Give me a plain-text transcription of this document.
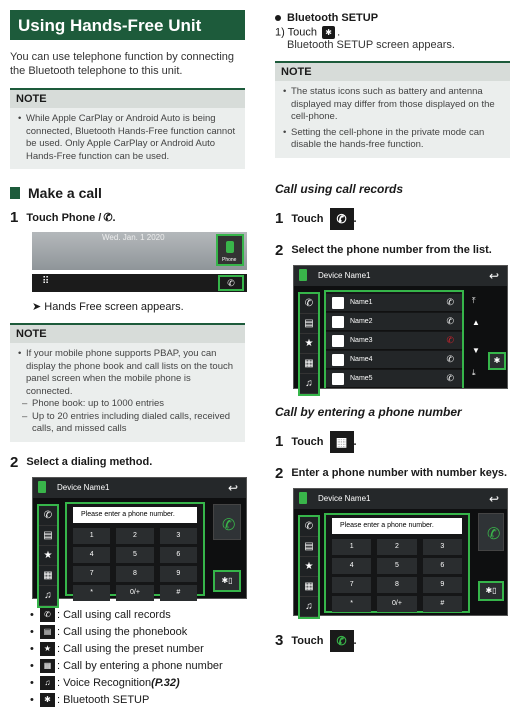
Using Hands-Free Unit
You can use telephone function by connecting the Bluetooth telephone to this unit.
NOTE
• While Apple CarPlay or Android Auto is being connected, Bluetooth Hands-Free function cannot be used. Only Apple CarPlay or Android Auto Hands-Free function can be used.
Make a call
1 Touch
Phone / ✆ .
Wed. Jan. 1 2020
Phone
⠿	✆
➤ Hands Free screen appears.
NOTE
• If your mobile phone supports PBAP, you can display the phone book and call lists on the touch panel screen when the mobile phone is connected.
– Phone book: up to 1000 entries
– Up to 20 entries including dialed calls, received calls, and missed calls
2 Select a dialing method.
Device Name1	↩
✆
▤
★
▦
♫
Please enter a phone number.
1	2	3
4	5	6
7	8	9
*	0/+	#
✆
✱▯
• ✆ : Call using call records
• ▤ : Call using the phonebook
• ★ : Call using the preset number
• ▦ : Call by entering a phone number
• ♫ : Voice Recognition (P.32)
• ✱ : Bluetooth SETUP
Bluetooth SETUP
1) Touch ✱ .
Bluetooth SETUP screen appears.
NOTE
• The status icons such as battery and antenna displayed may differ from those displayed on the cell-phone.
• Setting the cell-phone in the private mode can disable the hands-free function.
Call using call records
1 Touch	✆ .
2 Select the phone number from the list.
Device Name1	↩
✆
▤
★
▦
♫
Name1	✆
Name2	✆
Name3	✆
Name4	✆
Name5	✆
⤒
▲
▼
⤓
✱
Call by entering a phone number
1 Touch	▦ .
2 Enter a phone number with number keys.
Device Name1	↩
✆
▤
★
▦
♫
Please enter a phone number.
1	2	3
4	5	6
7	8	9
*	0/+	#
✆
✱▯
3 Touch	✆ .
